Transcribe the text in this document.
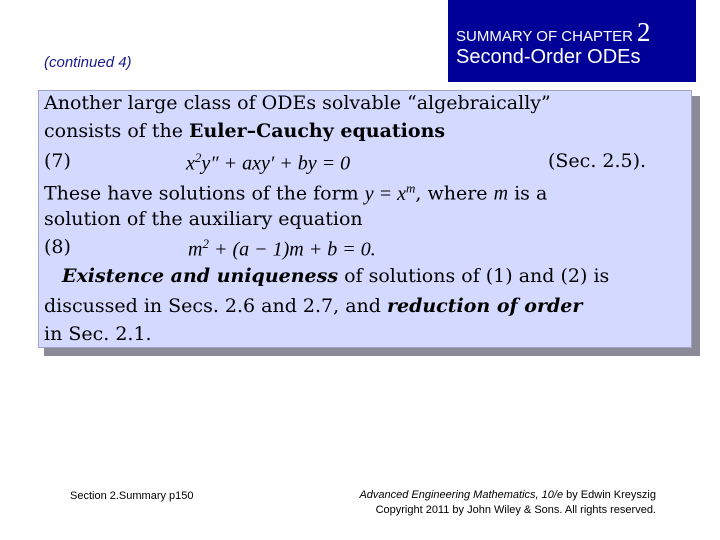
(continued 4)
SUMMARY OF CHAPTER 2
Second-Order ODEs
Another large class of ODEs solvable “algebraically”
consists of the Euler–Cauchy equations
(7)	$x^2y'' + axy'$ + by = 0	(Sec. 2.5).
These have solutions of the form $y = x^m$, where m is a
solution of the auxiliary equation
(8)	$m^2 + (a - 1)m + b = 0$.
Existence and uniqueness of solutions of (1) and (2) is
discussed in Secs. 2.6 and 2.7, and reduction of order
in Sec. 2.1.
Section 2.Summary p150	Advanced Engineering Mathematics, 10/e by Edwin Kreyszig
Copyright 2011 by John Wiley & Sons. All rights reserved.
